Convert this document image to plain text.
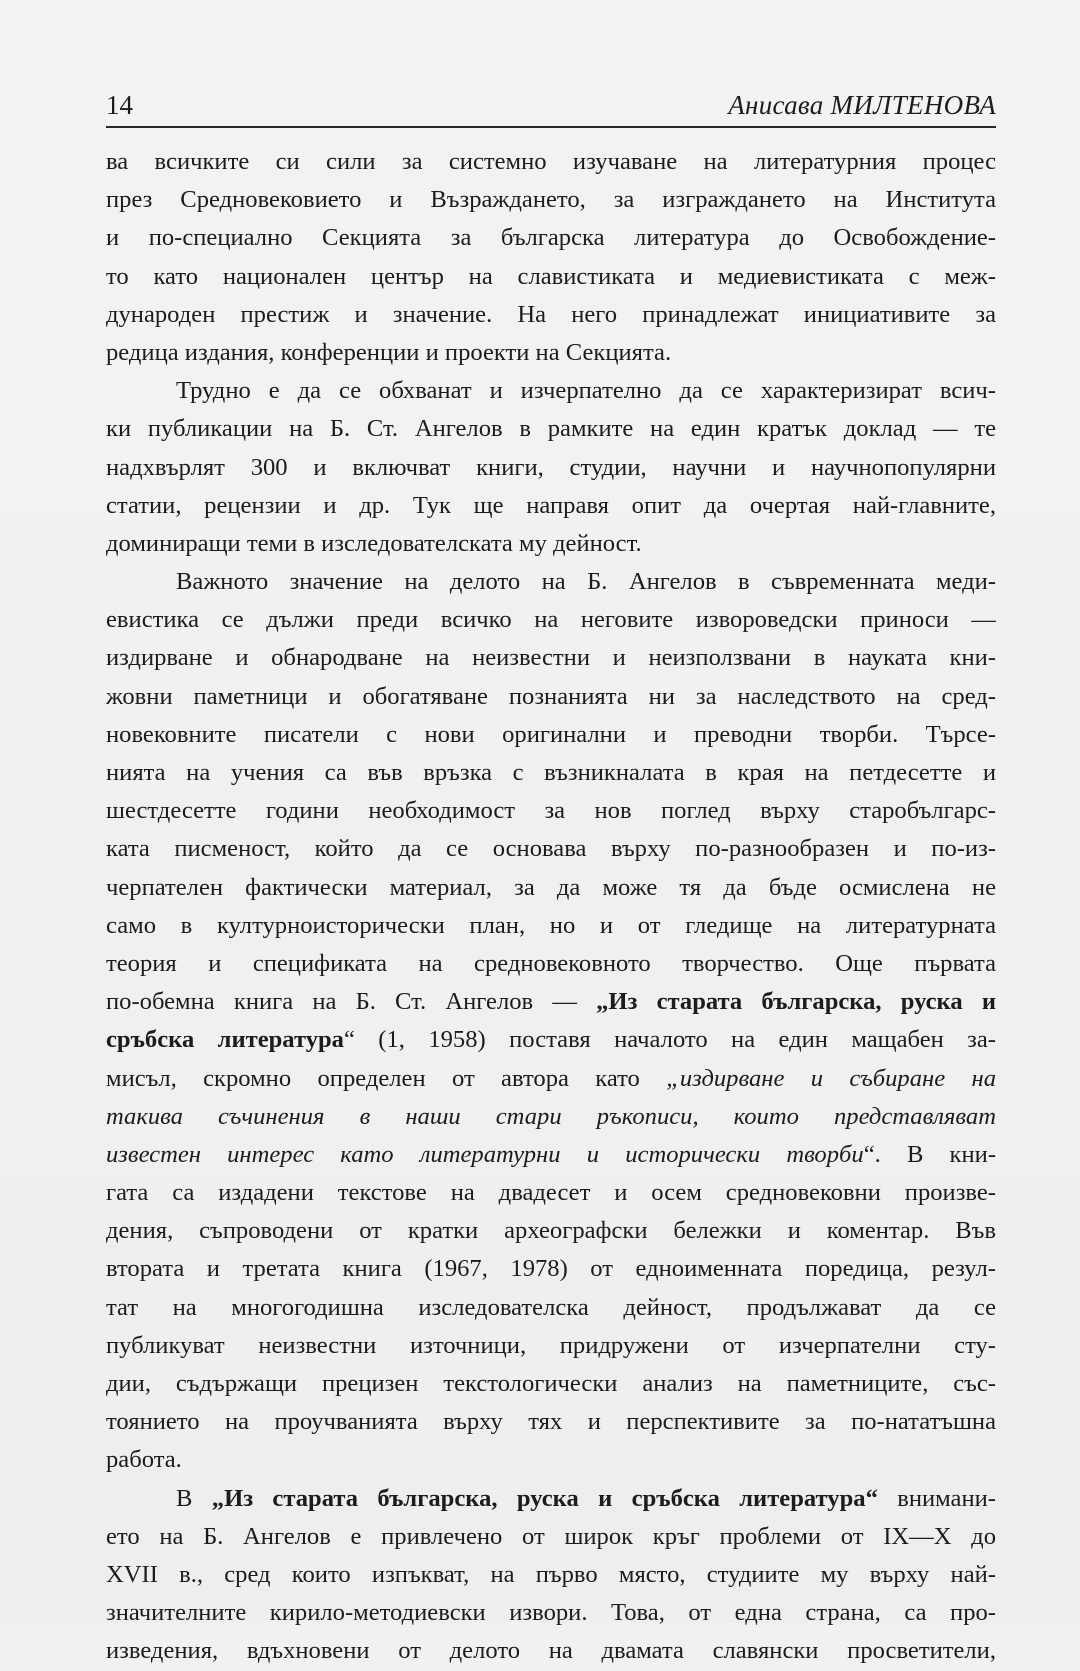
14	Анисава МИЛТЕНОВА
ва всичките си сили за системно изучаване на литературния процес
през Средновековието и Възраждането, за изграждането на Института
и по-специално Секцията за българска литература до Освобождение-
то като национален център на славистиката и медиевистиката с меж-
дународен престиж и значение. На него принадлежат инициативите за
редица издания, конференции и проекти на Секцията.
Трудно е да се обхванат и изчерпателно да се характеризират всич-
ки публикации на Б. Ст. Ангелов в рамките на един кратък доклад — те
надхвърлят 300 и включват книги, студии, научни и научнопопулярни
статии, рецензии и др. Тук ще направя опит да очертая най-главните,
доминиращи теми в изследователската му дейност.
Важното значение на делото на Б. Ангелов в съвременната меди-
евистика се дължи преди всичко на неговите извороведски приноси —
издирване и обнародване на неизвестни и неизползвани в науката кни-
жовни паметници и обогатяване познанията ни за наследството на сред-
новековните писатели с нови оригинални и преводни творби. Търсе-
нията на учения са във връзка с възникналата в края на петдесетте и
шестдесетте години необходимост за нов поглед върху старобългарс-
ката писменост, който да се основава върху по-разнообразен и по-из-
черпателен фактически материал, за да може тя да бъде осмислена не
само в културноисторически план, но и от гледище на литературната
теория и спецификата на средновековното творчество. Още първата
по-обемна книга на Б. Ст. Ангелов — „Из старата българска, руска и
сръбска литература“ (1, 1958) поставя началото на един мащабен за-
мисъл, скромно определен от автора като „издирване и събиране на
такива съчинения в наши стари ръкописи, които представляват
известен интерес като литературни и исторически творби“. В кни-
гата са издадени текстове на двадесет и осем средновековни произве-
дения, съпроводени от кратки археографски бележки и коментар. Във
втората и третата книга (1967, 1978) от едноименната поредица, резул-
тат на многогодишна изследователска дейност, продължават да се
публикуват неизвестни източници, придружени от изчерпателни сту-
дии, съдържащи прецизен текстологически анализ на паметниците, със-
тоянието на проучванията върху тях и перспективите за по-нататъшна
работа.
В „Из старата българска, руска и сръбска литература“ внимани-
ето на Б. Ангелов е привлечено от широк кръг проблеми от IX—X до
XVII в., сред които изпъкват, на първо място, студиите му върху най-
значителните кирило-методиевски извори. Това, от една страна, са про-
изведения, вдъхновени от делото на двамата славянски просветители,
